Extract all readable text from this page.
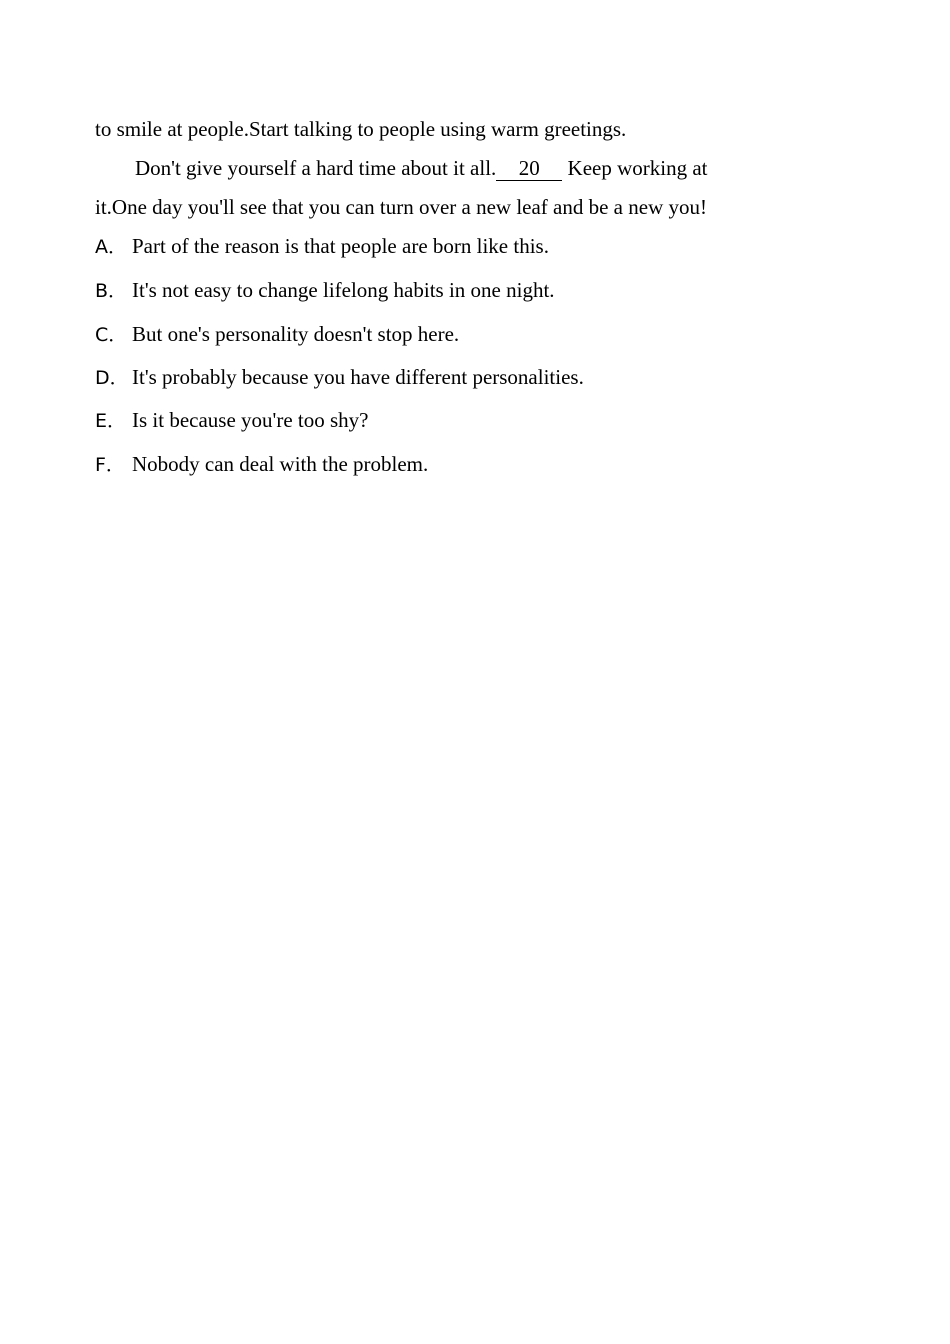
to smile at people.Start talking to people using warm greetings.
Don't give yourself a hard time about it all. 20 Keep working at
it.One day you'll see that you can turn over a new leaf and be a new you!
A． Part of the reason is that people are born like this.
B． It's not easy to change lifelong habits in one night.
C． But one's personality doesn't stop here.
D． It's probably because you have different personalities.
E． Is it because you're too shy?
F． Nobody can deal with the problem.
